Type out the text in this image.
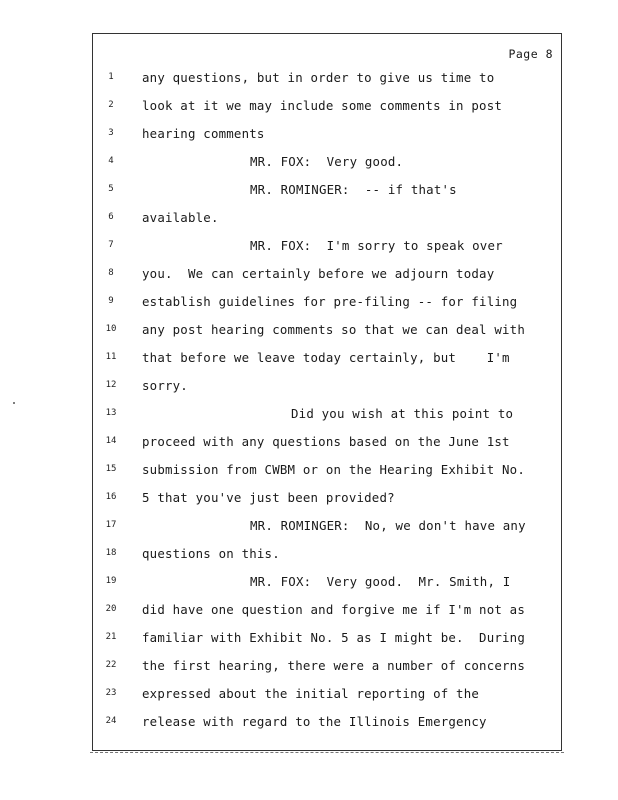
Page 8
1	any questions, but in order to give us time to
2	look at it we may include some comments in post
3	hearing comments
4	MR. FOX:  Very good.
5	MR. ROMINGER:  -- if that's
6	available.
7	MR. FOX:  I'm sorry to speak over
8	you.  We can certainly before we adjourn today
9	establish guidelines for pre-filing -- for filing
10	any post hearing comments so that we can deal with
11	that before we leave today certainly, but    I'm
12	sorry.
13	Did you wish at this point to
14	proceed with any questions based on the June 1st
15	submission from CWBM or on the Hearing Exhibit No.
16	5 that you've just been provided?
17	MR. ROMINGER:  No, we don't have any
18	questions on this.
19	MR. FOX:  Very good.  Mr. Smith, I
20	did have one question and forgive me if I'm not as
21	familiar with Exhibit No. 5 as I might be.  During
22	the first hearing, there were a number of concerns
23	expressed about the initial reporting of the
24	release with regard to the Illinois Emergency
